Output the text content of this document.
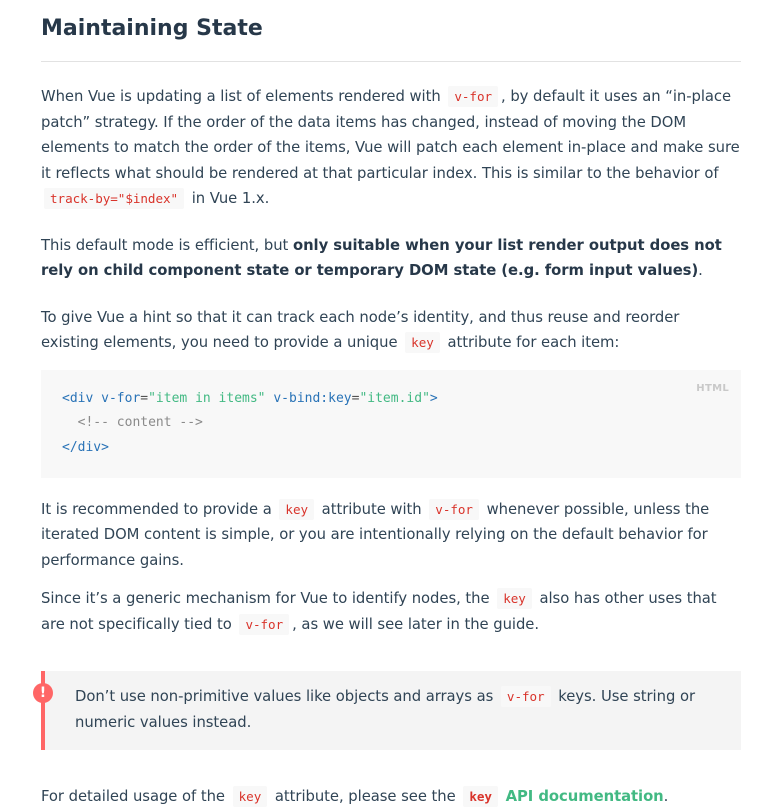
Maintaining State

When Vue is updating a list of elements rendered with v-for , by default it uses an “in-place patch” strategy. If the order of the data items has changed, instead of moving the DOM elements to match the order of the items, Vue will patch each element in-place and make sure it reflects what should be rendered at that particular index. This is similar to the behavior of track-by="$index" in Vue 1.x.

This default mode is efficient, but only suitable when your list render output does not rely on child component state or temporary DOM state (e.g. form input values).

To give Vue a hint so that it can track each node’s identity, and thus reuse and reorder existing elements, you need to provide a unique key attribute for each item:

HTML
<div v-for="item in items" v-bind:key="item.id">
<!-- content -->
</div>

It is recommended to provide a key attribute with v-for whenever possible, unless the iterated DOM content is simple, or you are intentionally relying on the default behavior for performance gains.

Since it’s a generic mechanism for Vue to identify nodes, the key also has other uses that are not specifically tied to v-for , as we will see later in the guide.

!	Don’t use non-primitive values like objects and arrays as v-for keys. Use string or numeric values instead.

For detailed usage of the key attribute, please see the key API documentation.
